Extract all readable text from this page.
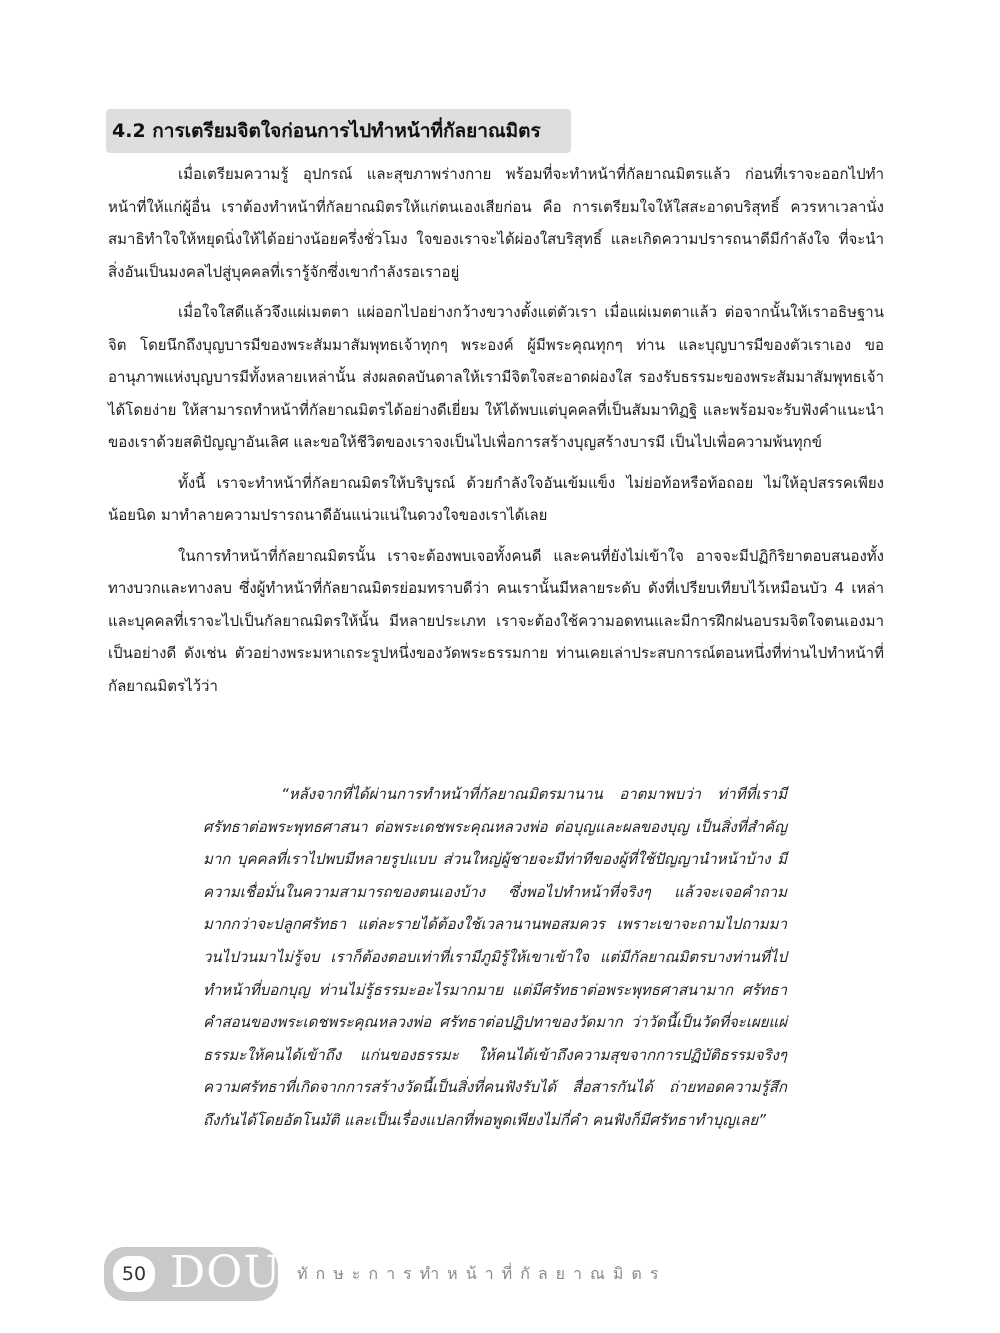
4.2 การเตรียมจิตใจก่อนการไปทำหน้าที่กัลยาณมิตร

เมื่อเตรียมความรู้ อุปกรณ์ และสุขภาพร่างกาย พร้อมที่จะทำหน้าที่กัลยาณมิตรแล้ว ก่อนที่เราจะออกไปทำหน้าที่ให้แก่ผู้อื่น เราต้องทำหน้าที่กัลยาณมิตรให้แก่ตนเองเสียก่อน คือ การเตรียมใจให้ใสสะอาดบริสุทธิ์ ควรหาเวลานั่งสมาธิทำใจให้หยุดนิ่งให้ได้อย่างน้อยครึ่งชั่วโมง ใจของเราจะได้ผ่องใสบริสุทธิ์ และเกิดความปรารถนาดีมีกำลังใจ ที่จะนำสิ่งอันเป็นมงคลไปสู่บุคคลที่เรารู้จักซึ่งเขากำลังรอเราอยู่

เมื่อใจใสดีแล้วจึงแผ่เมตตา แผ่ออกไปอย่างกว้างขวางตั้งแต่ตัวเรา เมื่อแผ่เมตตาแล้ว ต่อจากนั้นให้เราอธิษฐานจิต โดยนึกถึงบุญบารมีของพระสัมมาสัมพุทธเจ้าทุกๆ พระองค์ ผู้มีพระคุณทุกๆ ท่าน และบุญบารมีของตัวเราเอง ขออานุภาพแห่งบุญบารมีทั้งหลายเหล่านั้น ส่งผลดลบันดาลให้เรามีจิตใจสะอาดผ่องใส รองรับธรรมะของพระสัมมาสัมพุทธเจ้าได้โดยง่าย ให้สามารถทำหน้าที่กัลยาณมิตรได้อย่างดีเยี่ยม ให้ได้พบแต่บุคคลที่เป็นสัมมาทิฏฐิ และพร้อมจะรับฟังคำแนะนำของเราด้วยสติปัญญาอันเลิศ และขอให้ชีวิตของเราจงเป็นไปเพื่อการสร้างบุญสร้างบารมี เป็นไปเพื่อความพ้นทุกข์

ทั้งนี้ เราจะทำหน้าที่กัลยาณมิตรให้บริบูรณ์ ด้วยกำลังใจอันเข้มแข็ง ไม่ย่อท้อหรือท้อถอย ไม่ให้อุปสรรคเพียงน้อยนิด มาทำลายความปรารถนาดีอันแน่วแน่ในดวงใจของเราได้เลย

ในการทำหน้าที่กัลยาณมิตรนั้น เราจะต้องพบเจอทั้งคนดี และคนที่ยังไม่เข้าใจ อาจจะมีปฏิกิริยาตอบสนองทั้งทางบวกและทางลบ ซึ่งผู้ทำหน้าที่กัลยาณมิตรย่อมทราบดีว่า คนเรานั้นมีหลายระดับ ดังที่เปรียบเทียบไว้เหมือนบัว 4 เหล่า และบุคคลที่เราจะไปเป็นกัลยาณมิตรให้นั้น มีหลายประเภท เราจะต้องใช้ความอดทนและมีการฝึกฝนอบรมจิตใจตนเองมาเป็นอย่างดี ดังเช่น ตัวอย่างพระมหาเถระรูปหนึ่งของวัดพระธรรมกาย ท่านเคยเล่าประสบการณ์ตอนหนึ่งที่ท่านไปทำหน้าที่กัลยาณมิตรไว้ว่า

“หลังจากที่ได้ผ่านการทำหน้าที่กัลยาณมิตรมานาน อาตมาพบว่า ท่าทีที่เรามีศรัทธาต่อพระพุทธศาสนา ต่อพระเดชพระคุณหลวงพ่อ ต่อบุญและผลของบุญ เป็นสิ่งที่สำคัญมาก บุคคลที่เราไปพบมีหลายรูปแบบ ส่วนใหญ่ผู้ชายจะมีท่าทีของผู้ที่ใช้ปัญญานำหน้าบ้าง มีความเชื่อมั่นในความสามารถของตนเองบ้าง ซึ่งพอไปทำหน้าที่จริงๆ แล้วจะเจอคำถามมากกว่าจะปลูกศรัทธา แต่ละรายได้ต้องใช้เวลานานพอสมควร เพราะเขาจะถามไปถามมา วนไปวนมาไม่รู้จบ เราก็ต้องตอบเท่าที่เรามีภูมิรู้ให้เขาเข้าใจ แต่มีกัลยาณมิตรบางท่านที่ไปทำหน้าที่บอกบุญ ท่านไม่รู้ธรรมะอะไรมากมาย แต่มีศรัทธาต่อพระพุทธศาสนามาก ศรัทธาคำสอนของพระเดชพระคุณหลวงพ่อ ศรัทธาต่อปฏิปทาของวัดมาก ว่าวัดนี้เป็นวัดที่จะเผยแผ่ธรรมะให้คนได้เข้าถึง แก่นของธรรมะ ให้คนได้เข้าถึงความสุขจากการปฏิบัติธรรมจริงๆ ความศรัทธาที่เกิดจากการสร้างวัดนี้เป็นสิ่งที่คนฟังรับได้ สื่อสารกันได้ ถ่ายทอดความรู้สึกถึงกันได้โดยอัตโนมัติ และเป็นเรื่องแปลกที่พอพูดเพียงไม่กี่คำ คนฟังก็มีศรัทธาทำบุญเลย”

50 DOU ทักษะการทำหน้าที่กัลยาณมิตร
